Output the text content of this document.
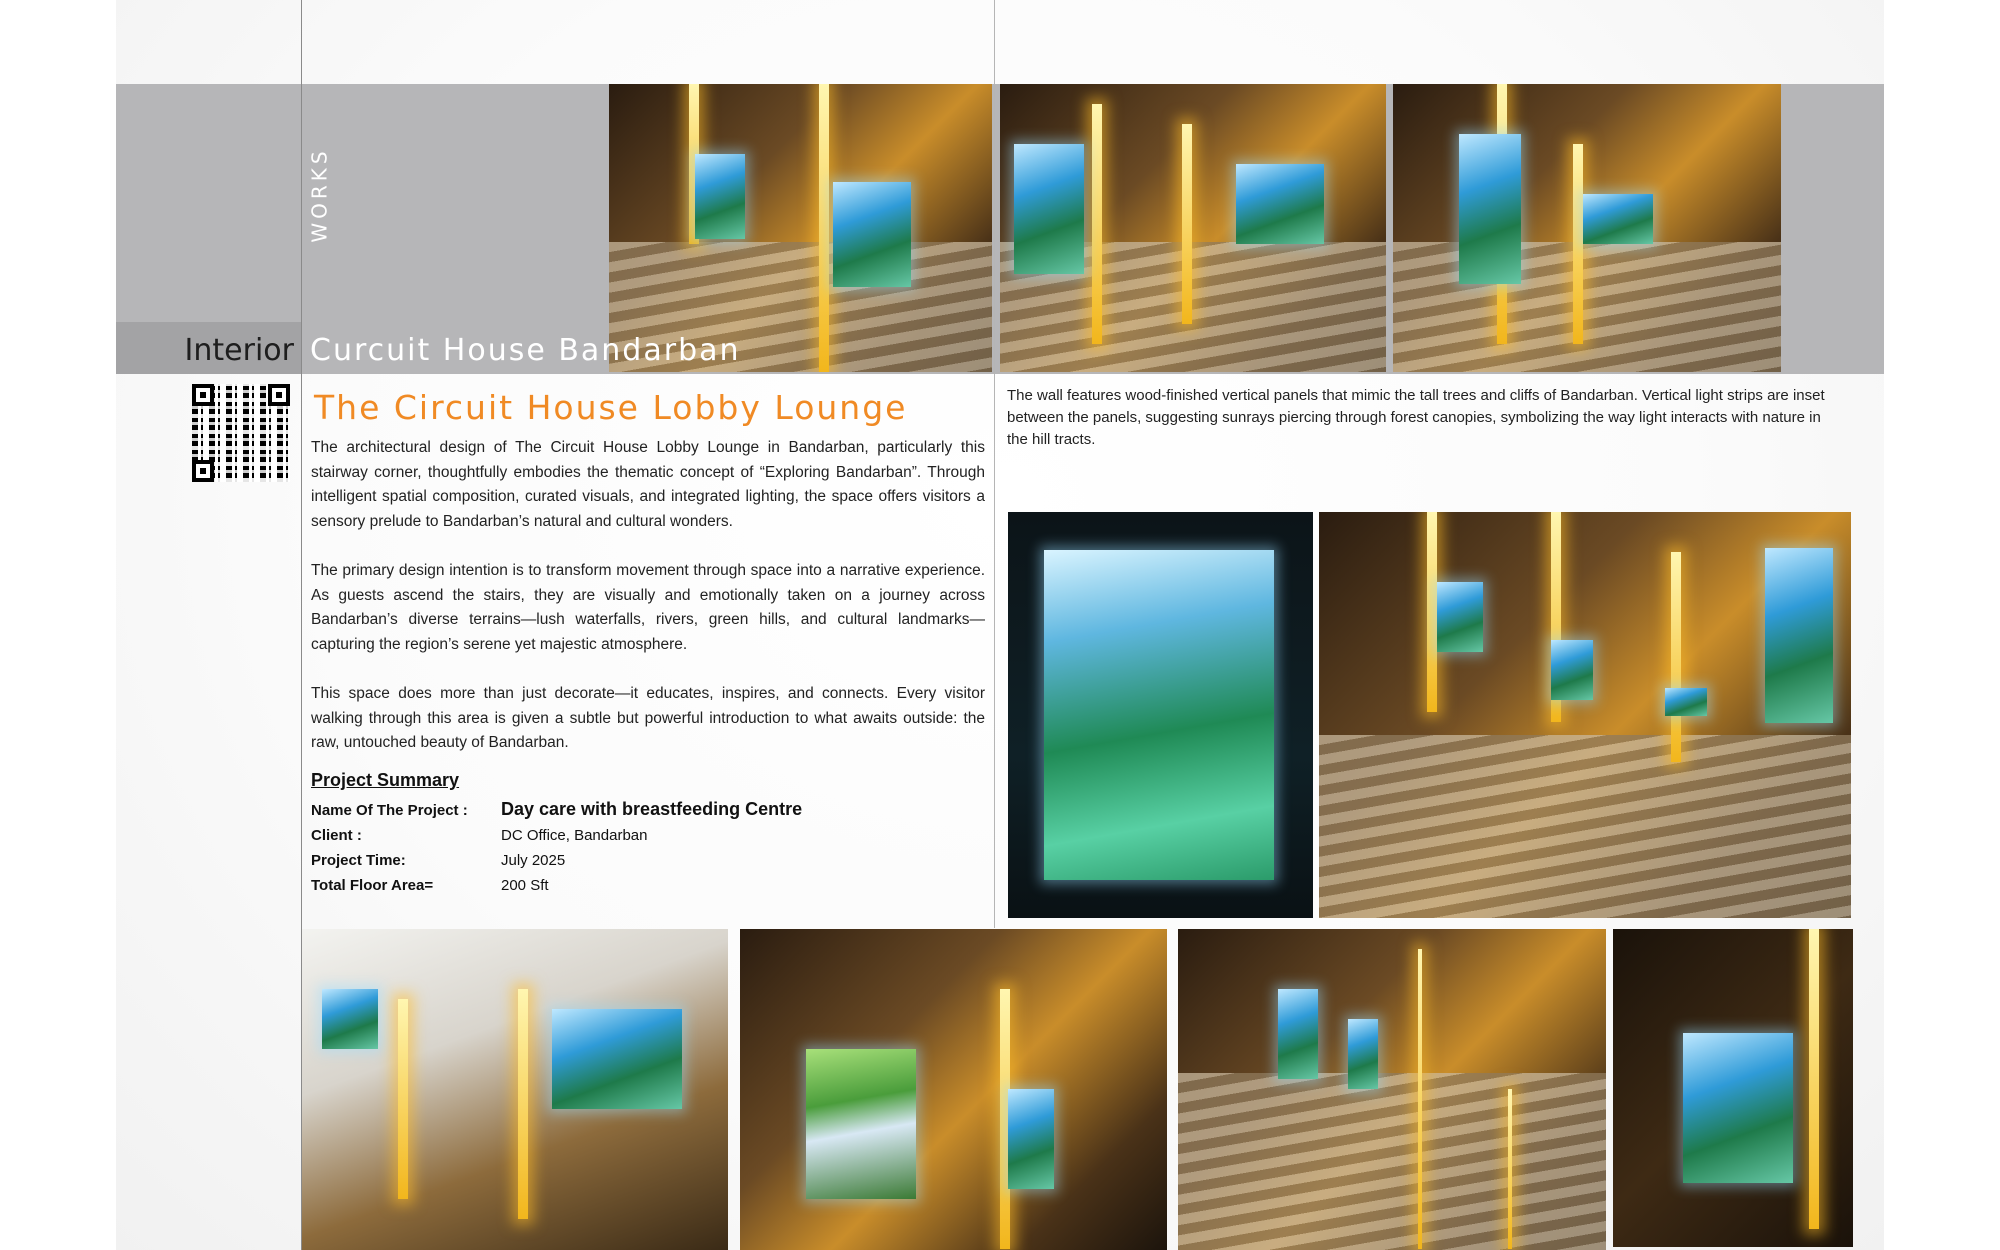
WORKS
Interior Curcuit House Bandarban
The Circuit House Lobby Lounge

The architectural design of The Circuit House Lobby Lounge in Bandarban, particularly this stairway corner, thoughtfully embodies the thematic concept of “Exploring Bandarban”. Through intelligent spatial composition, curated visuals, and integrated lighting, the space offers visitors a sensory prelude to Bandarban’s natural and cultural wonders.

The primary design intention is to transform movement through space into a narrative experience. As guests ascend the stairs, they are visually and emotionally taken on a journey across Bandarban’s diverse terrains—lush waterfalls, rivers, green hills, and cultural landmarks—capturing the region’s serene yet majestic atmosphere.

This space does more than just decorate—it educates, inspires, and connects. Every visitor walking through this area is given a subtle but powerful introduction to what awaits outside: the raw, untouched beauty of Bandarban.

Project Summary
Name Of The Project : Day care with breastfeeding Centre
Client :	DC Office, Bandarban
Project Time:	July 2025
Total Floor Area=	200 Sft

The wall features wood-finished vertical panels that mimic the tall trees and cliffs of Bandarban. Vertical light strips are inset between the panels, suggesting sunrays piercing through forest canopies, symbolizing the way light interacts with nature in the hill tracts.
